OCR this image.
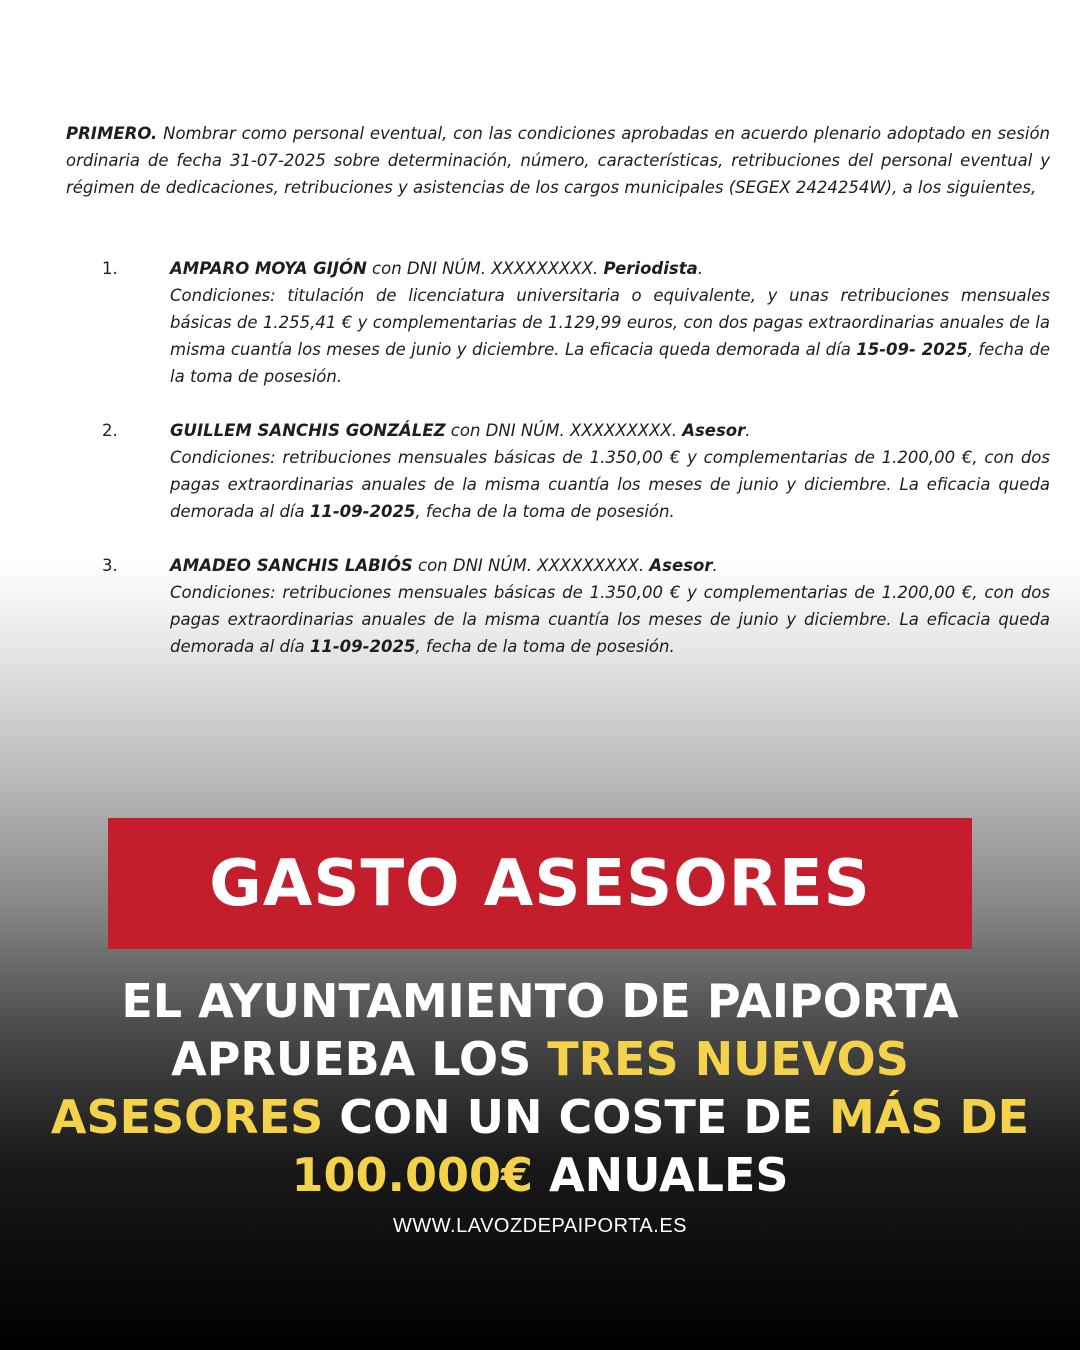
PRIMERO. Nombrar como personal eventual, con las condiciones aprobadas en acuerdo plenario adoptado en sesión ordinaria de fecha 31-07-2025 sobre determinación, número, características, retribuciones del personal eventual y régimen de dedicaciones, retribuciones y asistencias de los cargos municipales (SEGEX 2424254W), a los siguientes,

1.	AMPARO MOYA GIJÓN con DNI NÚM. XXXXXXXXX. Periodista.
Condiciones: titulación de licenciatura universitaria o equivalente, y unas retribuciones mensuales básicas de 1.255,41 € y complementarias de 1.129,99 euros, con dos pagas extraordinarias anuales de la misma cuantía los meses de junio y diciembre. La eficacia queda demorada al día 15-09- 2025, fecha de la toma de posesión.
2.	GUILLEM SANCHIS GONZÁLEZ con DNI NÚM. XXXXXXXXX. Asesor.
Condiciones: retribuciones mensuales básicas de 1.350,00 € y complementarias de 1.200,00 €, con dos pagas extraordinarias anuales de la misma cuantía los meses de junio y diciembre. La eficacia queda demorada al día 11-09-2025, fecha de la toma de posesión.
3.	AMADEO SANCHIS LABIÓS con DNI NÚM. XXXXXXXXX. Asesor.
Condiciones: retribuciones mensuales básicas de 1.350,00 € y complementarias de 1.200,00 €, con dos pagas extraordinarias anuales de la misma cuantía los meses de junio y diciembre. La eficacia queda demorada al día 11-09-2025, fecha de la toma de posesión.
GASTO ASESORES
EL AYUNTAMIENTO DE PAIPORTA APRUEBA LOS TRES NUEVOS ASESORES CON UN COSTE DE MÁS DE 100.000€ ANUALES
WWW.LAVOZDEPAIPORTA.ES
